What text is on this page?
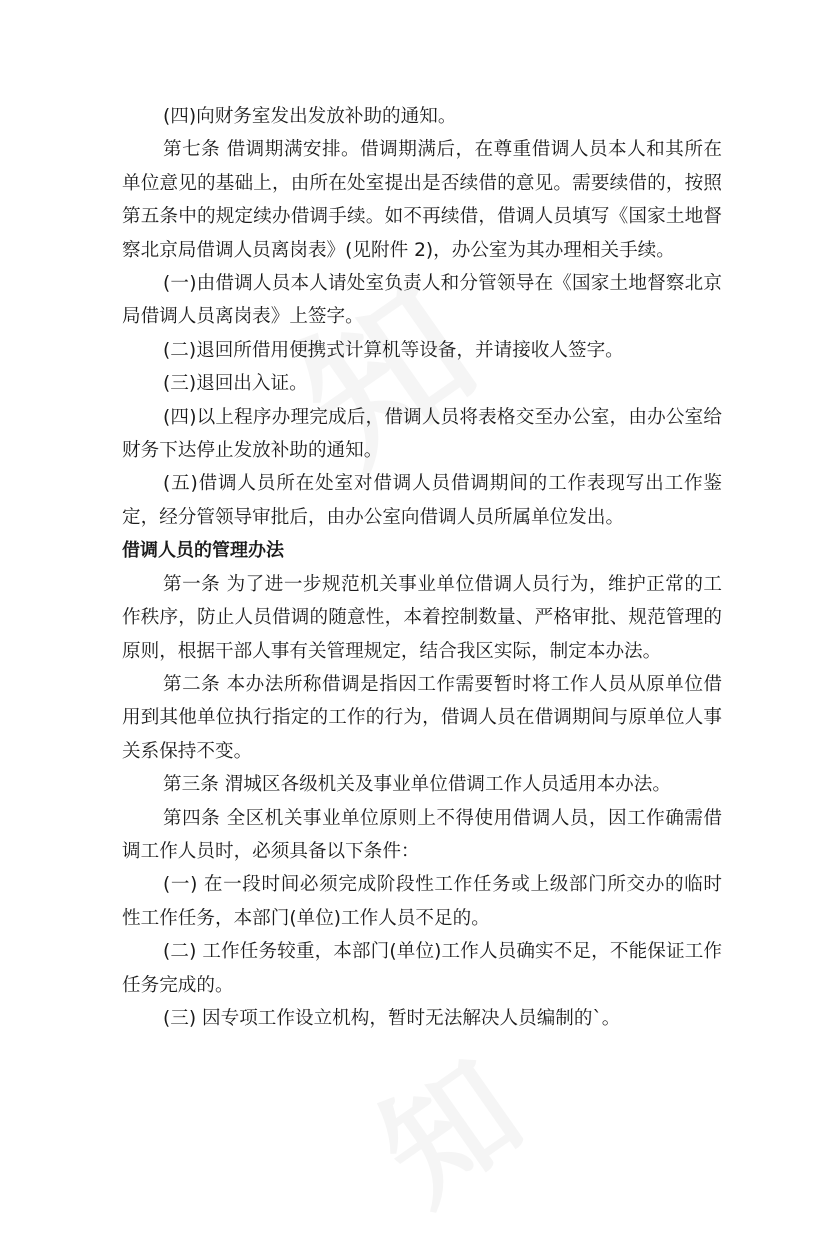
(四)向财务室发出发放补助的通知。

第七条 借调期满安排。借调期满后，在尊重借调人员本人和其所在单位意见的基础上，由所在处室提出是否续借的意见。需要续借的，按照第五条中的规定续办借调手续。如不再续借，借调人员填写《国家土地督察北京局借调人员离岗表》(见附件 2)，办公室为其办理相关手续。

(一)由借调人员本人请处室负责人和分管领导在《国家土地督察北京局借调人员离岗表》上签字。

(二)退回所借用便携式计算机等设备，并请接收人签字。

(三)退回出入证。

(四)以上程序办理完成后，借调人员将表格交至办公室，由办公室给财务下达停止发放补助的通知。

(五)借调人员所在处室对借调人员借调期间的工作表现写出工作鉴定，经分管领导审批后，由办公室向借调人员所属单位发出。

借调人员的管理办法

第一条 为了进一步规范机关事业单位借调人员行为，维护正常的工作秩序，防止人员借调的随意性，本着控制数量、严格审批、规范管理的原则，根据干部人事有关管理规定，结合我区实际，制定本办法。

第二条 本办法所称借调是指因工作需要暂时将工作人员从原单位借用到其他单位执行指定的工作的行为，借调人员在借调期间与原单位人事关系保持不变。

第三条 渭城区各级机关及事业单位借调工作人员适用本办法。

第四条 全区机关事业单位原则上不得使用借调人员，因工作确需借调工作人员时，必须具备以下条件：

(一) 在一段时间必须完成阶段性工作任务或上级部门所交办的临时性工作任务，本部门(单位)工作人员不足的。

(二) 工作任务较重，本部门(单位)工作人员确实不足，不能保证工作任务完成的。

(三) 因专项工作设立机构，暂时无法解决人员编制的`。
